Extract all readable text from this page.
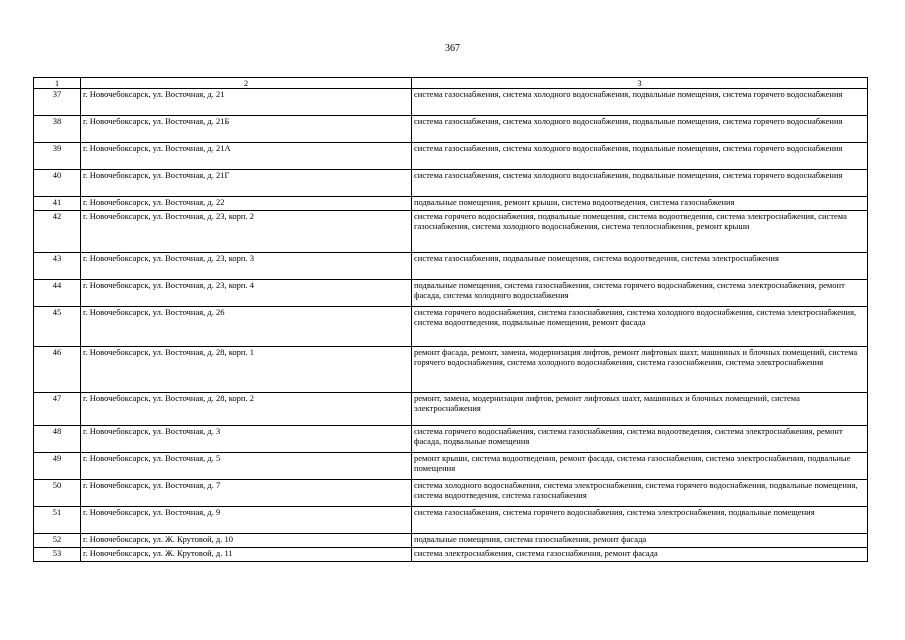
367
1	2	3
37	г. Новочебоксарск, ул. Восточная, д. 21	система газоснабжения, система холодного водоснабжения, подвальные помещения, система горячего водоснабжения
38	г. Новочебоксарск, ул. Восточная, д. 21Б	система газоснабжения, система холодного водоснабжения, подвальные помещения, система горячего водоснабжения
39	г. Новочебоксарск, ул. Восточная, д. 21А	система газоснабжения, система холодного водоснабжения, подвальные помещения, система горячего водоснабжения
40	г. Новочебоксарск, ул. Восточная, д. 21Г	система газоснабжения, система холодного водоснабжения, подвальные помещения, система горячего водоснабжения
41	г. Новочебоксарск, ул. Восточная, д. 22	подвальные помещения, ремонт крыши, система водоотведения, система газоснабжения
42	г. Новочебоксарск, ул. Восточная, д. 23, корп. 2	система горячего водоснабжения, подвальные помещения, система водоотведения, система электроснабжения, система газоснабжения, система холодного водоснабжения, система теплоснабжения, ремонт крыши
43	г. Новочебоксарск, ул. Восточная, д. 23, корп. 3	система газоснабжения, подвальные помещения, система водоотведения, система электроснабжения
44	г. Новочебоксарск, ул. Восточная, д. 23, корп. 4	подвальные помещения, система газоснабжения, система горячего водоснабжения, система электроснабжения, ремонт фасада, система холодного водоснабжения
45	г. Новочебоксарск, ул. Восточная, д. 26	система горячего водоснабжения, система газоснабжения, система холодного водоснабжения, система электроснабжения, система водоотведения, подвальные помещения, ремонт фасада
46	г. Новочебоксарск, ул. Восточная, д. 28, корп. 1	ремонт фасада, ремонт, замена, модернизация лифтов, ремонт лифтовых шахт, машинных и блочных помещений, система горячего водоснабжения, система холодного водоснабжения, система газоснабжения, система электроснабжения
47	г. Новочебоксарск, ул. Восточная, д. 28, корп. 2	ремонт, замена, модернизация лифтов, ремонт лифтовых шахт, машинных и блочных помещений, система электроснабжения
48	г. Новочебоксарск, ул. Восточная, д. 3	система горячего водоснабжения, система газоснабжения, система водоотведения, система электроснабжения, ремонт фасада, подвальные помещения
49	г. Новочебоксарск, ул. Восточная, д. 5	ремонт крыши, система водоотведения, ремонт фасада, система газоснабжения, система электроснабжения, подвальные помещения
50	г. Новочебоксарск, ул. Восточная, д. 7	система холодного водоснабжения, система электроснабжения, система горячего водоснабжения, подвальные помещения, система водоотведения, система газоснабжения
51	г. Новочебоксарск, ул. Восточная, д. 9	система газоснабжения, система горячего водоснабжения, система электроснабжения, подвальные помещения
52	г. Новочебоксарск, ул. Ж. Крутовой, д. 10	подвальные помещения, система газоснабжения, ремонт фасада
53	г. Новочебоксарск, ул. Ж. Крутовой, д. 11	система электроснабжения, система газоснабжения, ремонт фасада
